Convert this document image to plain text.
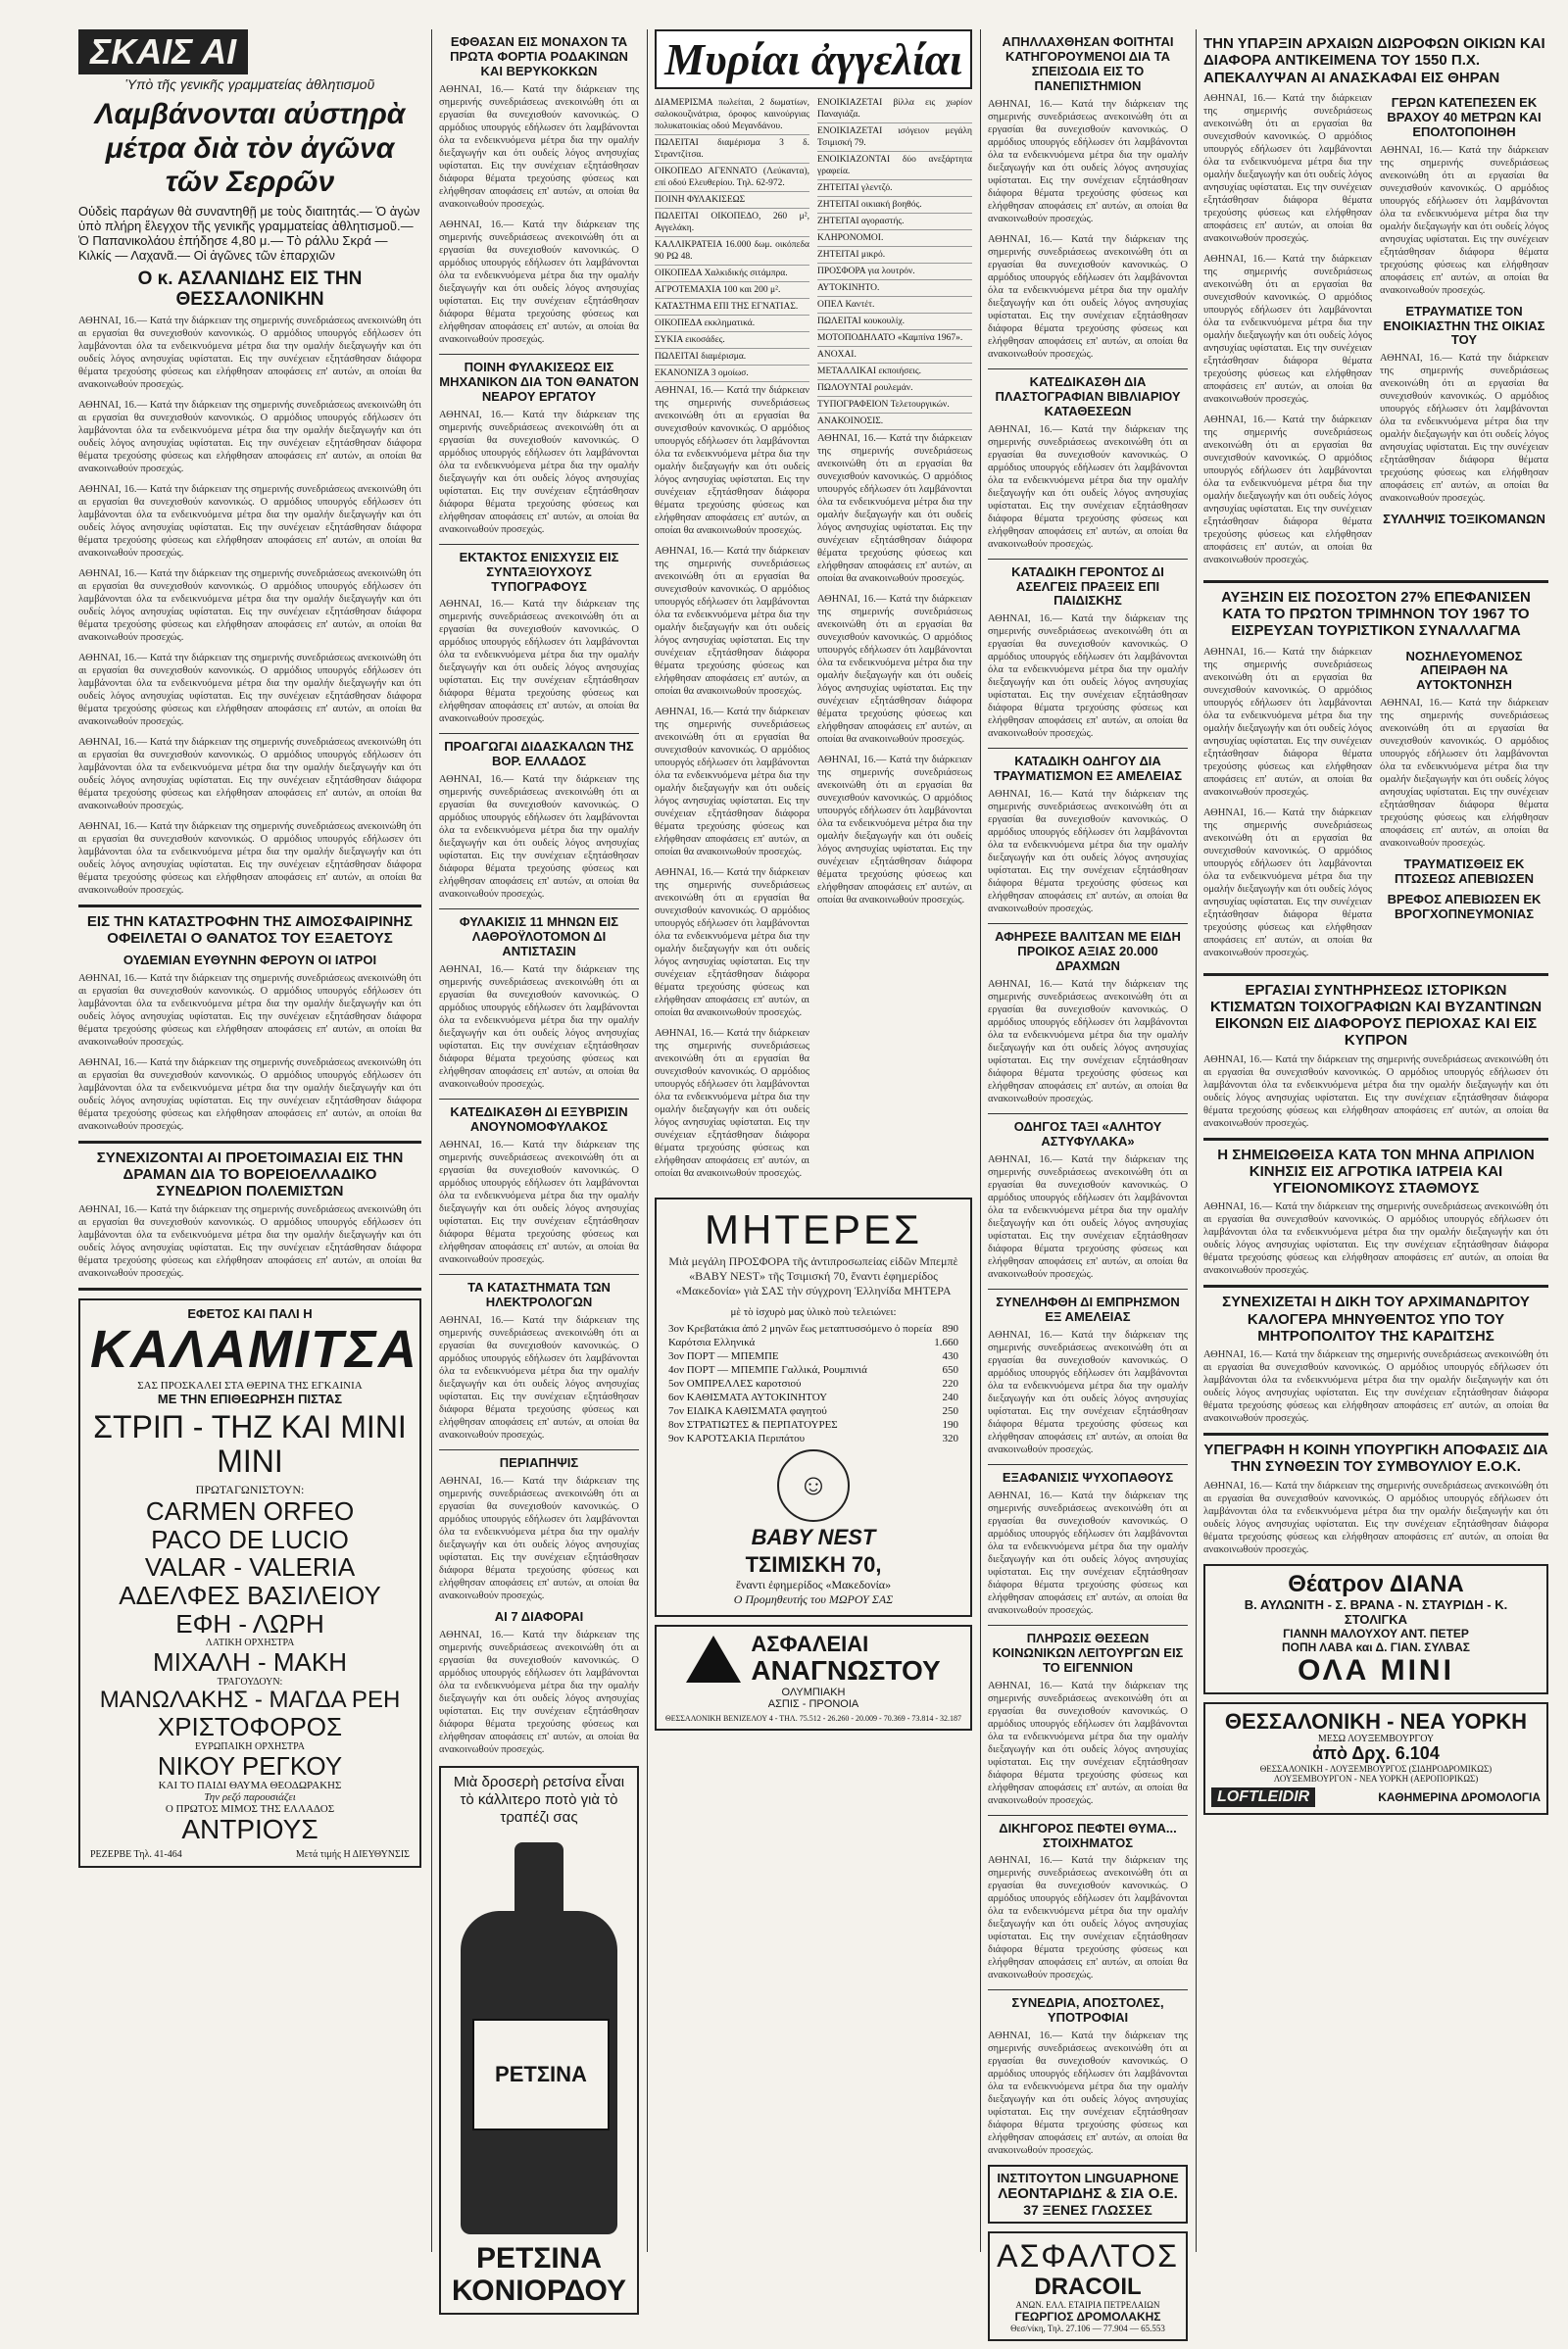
ΣΚΑΙΣ ΑΙ
Ὑπὸ τῆς γενικῆς γραμματείας ἀθλητισμοῦ
Λαμβάνονται αὐστηρὰ μέτρα διὰ τὸν ἀγῶνα τῶν Σερρῶν
Οὐδεὶς παράγων θὰ συναντηθῇ με τοὺς διαιτητάς.— Ὁ ἀγὼν ὑπὸ πλήρη ἔλεγχον τῆς γενικῆς γραμματείας ἀθλητισμοῦ.— Ὁ Παπανικολάου ἐπήδησε 4,80 μ.— Τὸ ράλλυ Σκρά — Κιλκίς — Λαχανᾶ.— Οἱ ἀγῶνες τῶν ἐπαρχιῶν
Ο κ. ΑΣΛΑΝΙΔΗΣ ΕΙΣ ΤΗΝ ΘΕΣΣΑΛΟΝΙΚΗΝ
ΑΘΗΝΑΙ, 16.— Κατά την διάρκειαν της σημερινής συνεδριάσεως ανεκοινώθη ότι αι εργασίαι θα συνεχισθούν κανονικώς. Ο αρμόδιος υπουργός εδήλωσεν ότι λαμβάνονται όλα τα ενδεικνυόμενα μέτρα δια την ομαλήν διεξαγωγήν και ότι ουδείς λόγος ανησυχίας υφίσταται. Εις την συνέχειαν εξητάσθησαν διάφορα θέματα τρεχούσης φύσεως και ελήφθησαν αποφάσεις επ' αυτών, αι οποίαι θα ανακοινωθούν προσεχώς.
ΑΘΗΝΑΙ, 16.— Κατά την διάρκειαν της σημερινής συνεδριάσεως ανεκοινώθη ότι αι εργασίαι θα συνεχισθούν κανονικώς. Ο αρμόδιος υπουργός εδήλωσεν ότι λαμβάνονται όλα τα ενδεικνυόμενα μέτρα δια την ομαλήν διεξαγωγήν και ότι ουδείς λόγος ανησυχίας υφίσταται. Εις την συνέχειαν εξητάσθησαν διάφορα θέματα τρεχούσης φύσεως και ελήφθησαν αποφάσεις επ' αυτών, αι οποίαι θα ανακοινωθούν προσεχώς.
ΑΘΗΝΑΙ, 16.— Κατά την διάρκειαν της σημερινής συνεδριάσεως ανεκοινώθη ότι αι εργασίαι θα συνεχισθούν κανονικώς. Ο αρμόδιος υπουργός εδήλωσεν ότι λαμβάνονται όλα τα ενδεικνυόμενα μέτρα δια την ομαλήν διεξαγωγήν και ότι ουδείς λόγος ανησυχίας υφίσταται. Εις την συνέχειαν εξητάσθησαν διάφορα θέματα τρεχούσης φύσεως και ελήφθησαν αποφάσεις επ' αυτών, αι οποίαι θα ανακοινωθούν προσεχώς.
ΑΘΗΝΑΙ, 16.— Κατά την διάρκειαν της σημερινής συνεδριάσεως ανεκοινώθη ότι αι εργασίαι θα συνεχισθούν κανονικώς. Ο αρμόδιος υπουργός εδήλωσεν ότι λαμβάνονται όλα τα ενδεικνυόμενα μέτρα δια την ομαλήν διεξαγωγήν και ότι ουδείς λόγος ανησυχίας υφίσταται. Εις την συνέχειαν εξητάσθησαν διάφορα θέματα τρεχούσης φύσεως και ελήφθησαν αποφάσεις επ' αυτών, αι οποίαι θα ανακοινωθούν προσεχώς.
ΑΘΗΝΑΙ, 16.— Κατά την διάρκειαν της σημερινής συνεδριάσεως ανεκοινώθη ότι αι εργασίαι θα συνεχισθούν κανονικώς. Ο αρμόδιος υπουργός εδήλωσεν ότι λαμβάνονται όλα τα ενδεικνυόμενα μέτρα δια την ομαλήν διεξαγωγήν και ότι ουδείς λόγος ανησυχίας υφίσταται. Εις την συνέχειαν εξητάσθησαν διάφορα θέματα τρεχούσης φύσεως και ελήφθησαν αποφάσεις επ' αυτών, αι οποίαι θα ανακοινωθούν προσεχώς.
ΑΘΗΝΑΙ, 16.— Κατά την διάρκειαν της σημερινής συνεδριάσεως ανεκοινώθη ότι αι εργασίαι θα συνεχισθούν κανονικώς. Ο αρμόδιος υπουργός εδήλωσεν ότι λαμβάνονται όλα τα ενδεικνυόμενα μέτρα δια την ομαλήν διεξαγωγήν και ότι ουδείς λόγος ανησυχίας υφίσταται. Εις την συνέχειαν εξητάσθησαν διάφορα θέματα τρεχούσης φύσεως και ελήφθησαν αποφάσεις επ' αυτών, αι οποίαι θα ανακοινωθούν προσεχώς.
ΑΘΗΝΑΙ, 16.— Κατά την διάρκειαν της σημερινής συνεδριάσεως ανεκοινώθη ότι αι εργασίαι θα συνεχισθούν κανονικώς. Ο αρμόδιος υπουργός εδήλωσεν ότι λαμβάνονται όλα τα ενδεικνυόμενα μέτρα δια την ομαλήν διεξαγωγήν και ότι ουδείς λόγος ανησυχίας υφίσταται. Εις την συνέχειαν εξητάσθησαν διάφορα θέματα τρεχούσης φύσεως και ελήφθησαν αποφάσεις επ' αυτών, αι οποίαι θα ανακοινωθούν προσεχώς.
ΕΙΣ ΤΗΝ ΚΑΤΑΣΤΡΟΦΗΝ ΤΗΣ ΑΙΜΟΣΦΑΙΡΙΝΗΣ ΟΦΕΙΛΕΤΑΙ Ο ΘΑΝΑΤΟΣ ΤΟΥ ΕΞΑΕΤΟΥΣ
ΟΥΔΕΜΙΑΝ ΕΥΘΥΝΗΝ ΦΕΡΟΥΝ ΟΙ ΙΑΤΡΟΙ
ΑΘΗΝΑΙ, 16.— Κατά την διάρκειαν της σημερινής συνεδριάσεως ανεκοινώθη ότι αι εργασίαι θα συνεχισθούν κανονικώς. Ο αρμόδιος υπουργός εδήλωσεν ότι λαμβάνονται όλα τα ενδεικνυόμενα μέτρα δια την ομαλήν διεξαγωγήν και ότι ουδείς λόγος ανησυχίας υφίσταται. Εις την συνέχειαν εξητάσθησαν διάφορα θέματα τρεχούσης φύσεως και ελήφθησαν αποφάσεις επ' αυτών, αι οποίαι θα ανακοινωθούν προσεχώς.
ΑΘΗΝΑΙ, 16.— Κατά την διάρκειαν της σημερινής συνεδριάσεως ανεκοινώθη ότι αι εργασίαι θα συνεχισθούν κανονικώς. Ο αρμόδιος υπουργός εδήλωσεν ότι λαμβάνονται όλα τα ενδεικνυόμενα μέτρα δια την ομαλήν διεξαγωγήν και ότι ουδείς λόγος ανησυχίας υφίσταται. Εις την συνέχειαν εξητάσθησαν διάφορα θέματα τρεχούσης φύσεως και ελήφθησαν αποφάσεις επ' αυτών, αι οποίαι θα ανακοινωθούν προσεχώς.
ΣΥΝΕΧΙΖΟΝΤΑΙ ΑΙ ΠΡΟΕΤΟΙΜΑΣΙΑΙ ΕΙΣ ΤΗΝ ΔΡΑΜΑΝ ΔΙΑ ΤΟ ΒΟΡΕΙΟΕΛΛΑΔΙΚΟ ΣΥΝΕΔΡΙΟΝ ΠΟΛΕΜΙΣΤΩΝ
ΑΘΗΝΑΙ, 16.— Κατά την διάρκειαν της σημερινής συνεδριάσεως ανεκοινώθη ότι αι εργασίαι θα συνεχισθούν κανονικώς. Ο αρμόδιος υπουργός εδήλωσεν ότι λαμβάνονται όλα τα ενδεικνυόμενα μέτρα δια την ομαλήν διεξαγωγήν και ότι ουδείς λόγος ανησυχίας υφίσταται. Εις την συνέχειαν εξητάσθησαν διάφορα θέματα τρεχούσης φύσεως και ελήφθησαν αποφάσεις επ' αυτών, αι οποίαι θα ανακοινωθούν προσεχώς.
ΕΦΕΤΟΣ ΚΑΙ ΠΑΛΙ Η
ΚΑΛΑΜΙΤΣΑ
ΣΑΣ ΠΡΟΣΚΑΛΕΙ ΣΤΑ ΘΕΡΙΝΑ ΤΗΣ ΕΓΚΑΙΝΙΑ
ΜΕ ΤΗΝ ΕΠΙΘΕΩΡΗΣΗ ΠΙΣΤΑΣ
ΣΤΡΙΠ - ΤΗΖ ΚΑΙ ΜΙΝΙ ΜΙΝΙ
ΠΡΩΤΑΓΩΝΙΣΤΟΥΝ:
CARMEN ORFEO
PACO DE LUCIO
VALAR - VALERIA
ΑΔΕΛΦΕΣ ΒΑΣΙΛΕΙΟΥ
ΕΦΗ - ΛΩΡΗ
ΛΑΤΙΚΗ ΟΡΧΗΣΤΡΑ
ΜΙΧΑΛΗ - ΜΑΚΗ
ΤΡΑΓΟΥΔΟΥΝ:
ΜΑΝΩΛΑΚΗΣ - ΜΑΓΔΑ ΡΕΗ
ΧΡΙΣΤΟΦΟΡΟΣ
ΕΥΡΩΠΑΙΚΗ ΟΡΧΗΣΤΡΑ
ΝΙΚΟΥ ΡΕΓΚΟΥ
ΚΑΙ ΤΟ ΠΑΙΔΙ ΘΑΥΜΑ ΘΕΟΔΩΡΑΚΗΣ
Την ρεζό παρουσιάζει
Ο ΠΡΩΤΟΣ ΜΙΜΟΣ ΤΗΣ ΕΛΛΑΔΟΣ
ΑΝΤΡΙΟΥΣ
ΡΕΖΕΡΒΕ Τηλ. 41-464	Μετά τιμής Η ΔΙΕΥΘΥΝΣΙΣ
ΕΦΘΑΣΑΝ ΕΙΣ ΜΟΝΑΧΟΝ ΤΑ ΠΡΩΤΑ ΦΟΡΤΙΑ ΡΟΔΑΚΙΝΩΝ ΚΑΙ ΒΕΡΥΚΟΚΚΩΝ
ΑΘΗΝΑΙ, 16.— Κατά την διάρκειαν της σημερινής συνεδριάσεως ανεκοινώθη ότι αι εργασίαι θα συνεχισθούν κανονικώς. Ο αρμόδιος υπουργός εδήλωσεν ότι λαμβάνονται όλα τα ενδεικνυόμενα μέτρα δια την ομαλήν διεξαγωγήν και ότι ουδείς λόγος ανησυχίας υφίσταται. Εις την συνέχειαν εξητάσθησαν διάφορα θέματα τρεχούσης φύσεως και ελήφθησαν αποφάσεις επ' αυτών, αι οποίαι θα ανακοινωθούν προσεχώς.
ΑΘΗΝΑΙ, 16.— Κατά την διάρκειαν της σημερινής συνεδριάσεως ανεκοινώθη ότι αι εργασίαι θα συνεχισθούν κανονικώς. Ο αρμόδιος υπουργός εδήλωσεν ότι λαμβάνονται όλα τα ενδεικνυόμενα μέτρα δια την ομαλήν διεξαγωγήν και ότι ουδείς λόγος ανησυχίας υφίσταται. Εις την συνέχειαν εξητάσθησαν διάφορα θέματα τρεχούσης φύσεως και ελήφθησαν αποφάσεις επ' αυτών, αι οποίαι θα ανακοινωθούν προσεχώς.
ΠΟΙΝΗ ΦΥΛΑΚΙΣΕΩΣ ΕΙΣ ΜΗΧΑΝΙΚΟΝ ΔΙΑ ΤΟΝ ΘΑΝΑΤΟΝ ΝΕΑΡΟΥ ΕΡΓΑΤΟΥ
ΑΘΗΝΑΙ, 16.— Κατά την διάρκειαν της σημερινής συνεδριάσεως ανεκοινώθη ότι αι εργασίαι θα συνεχισθούν κανονικώς. Ο αρμόδιος υπουργός εδήλωσεν ότι λαμβάνονται όλα τα ενδεικνυόμενα μέτρα δια την ομαλήν διεξαγωγήν και ότι ουδείς λόγος ανησυχίας υφίσταται. Εις την συνέχειαν εξητάσθησαν διάφορα θέματα τρεχούσης φύσεως και ελήφθησαν αποφάσεις επ' αυτών, αι οποίαι θα ανακοινωθούν προσεχώς.
ΕΚΤΑΚΤΟΣ ΕΝΙΣΧΥΣΙΣ ΕΙΣ ΣΥΝΤΑΞΙΟΥΧΟΥΣ ΤΥΠΟΓΡΑΦΟΥΣ
ΑΘΗΝΑΙ, 16.— Κατά την διάρκειαν της σημερινής συνεδριάσεως ανεκοινώθη ότι αι εργασίαι θα συνεχισθούν κανονικώς. Ο αρμόδιος υπουργός εδήλωσεν ότι λαμβάνονται όλα τα ενδεικνυόμενα μέτρα δια την ομαλήν διεξαγωγήν και ότι ουδείς λόγος ανησυχίας υφίσταται. Εις την συνέχειαν εξητάσθησαν διάφορα θέματα τρεχούσης φύσεως και ελήφθησαν αποφάσεις επ' αυτών, αι οποίαι θα ανακοινωθούν προσεχώς.
ΠΡΟΑΓΩΓΑΙ ΔΙΔΑΣΚΑΛΩΝ ΤΗΣ ΒΟΡ. ΕΛΛΑΔΟΣ
ΑΘΗΝΑΙ, 16.— Κατά την διάρκειαν της σημερινής συνεδριάσεως ανεκοινώθη ότι αι εργασίαι θα συνεχισθούν κανονικώς. Ο αρμόδιος υπουργός εδήλωσεν ότι λαμβάνονται όλα τα ενδεικνυόμενα μέτρα δια την ομαλήν διεξαγωγήν και ότι ουδείς λόγος ανησυχίας υφίσταται. Εις την συνέχειαν εξητάσθησαν διάφορα θέματα τρεχούσης φύσεως και ελήφθησαν αποφάσεις επ' αυτών, αι οποίαι θα ανακοινωθούν προσεχώς.
ΦΥΛΑΚΙΣΙΣ 11 ΜΗΝΩΝ ΕΙΣ ΛΑΘΡΟΫΛΟΤΟΜΟΝ ΔΙ ΑΝΤΙΣΤΑΣΙΝ
ΑΘΗΝΑΙ, 16.— Κατά την διάρκειαν της σημερινής συνεδριάσεως ανεκοινώθη ότι αι εργασίαι θα συνεχισθούν κανονικώς. Ο αρμόδιος υπουργός εδήλωσεν ότι λαμβάνονται όλα τα ενδεικνυόμενα μέτρα δια την ομαλήν διεξαγωγήν και ότι ουδείς λόγος ανησυχίας υφίσταται. Εις την συνέχειαν εξητάσθησαν διάφορα θέματα τρεχούσης φύσεως και ελήφθησαν αποφάσεις επ' αυτών, αι οποίαι θα ανακοινωθούν προσεχώς.
ΚΑΤΕΔΙΚΑΣΘΗ ΔΙ ΕΞΥΒΡΙΣΙΝ ΑΝΟΥΝΟΜΟΦΥΛΑΚΟΣ
ΑΘΗΝΑΙ, 16.— Κατά την διάρκειαν της σημερινής συνεδριάσεως ανεκοινώθη ότι αι εργασίαι θα συνεχισθούν κανονικώς. Ο αρμόδιος υπουργός εδήλωσεν ότι λαμβάνονται όλα τα ενδεικνυόμενα μέτρα δια την ομαλήν διεξαγωγήν και ότι ουδείς λόγος ανησυχίας υφίσταται. Εις την συνέχειαν εξητάσθησαν διάφορα θέματα τρεχούσης φύσεως και ελήφθησαν αποφάσεις επ' αυτών, αι οποίαι θα ανακοινωθούν προσεχώς.
ΤΑ ΚΑΤΑΣΤΗΜΑΤΑ ΤΩΝ ΗΛΕΚΤΡΟΛΟΓΩΝ
ΑΘΗΝΑΙ, 16.— Κατά την διάρκειαν της σημερινής συνεδριάσεως ανεκοινώθη ότι αι εργασίαι θα συνεχισθούν κανονικώς. Ο αρμόδιος υπουργός εδήλωσεν ότι λαμβάνονται όλα τα ενδεικνυόμενα μέτρα δια την ομαλήν διεξαγωγήν και ότι ουδείς λόγος ανησυχίας υφίσταται. Εις την συνέχειαν εξητάσθησαν διάφορα θέματα τρεχούσης φύσεως και ελήφθησαν αποφάσεις επ' αυτών, αι οποίαι θα ανακοινωθούν προσεχώς.
ΠΕΡΙΑΠΗΨΙΣ
ΑΘΗΝΑΙ, 16.— Κατά την διάρκειαν της σημερινής συνεδριάσεως ανεκοινώθη ότι αι εργασίαι θα συνεχισθούν κανονικώς. Ο αρμόδιος υπουργός εδήλωσεν ότι λαμβάνονται όλα τα ενδεικνυόμενα μέτρα δια την ομαλήν διεξαγωγήν και ότι ουδείς λόγος ανησυχίας υφίσταται. Εις την συνέχειαν εξητάσθησαν διάφορα θέματα τρεχούσης φύσεως και ελήφθησαν αποφάσεις επ' αυτών, αι οποίαι θα ανακοινωθούν προσεχώς.
ΑΙ 7 ΔΙΑΦΟΡΑΙ
ΑΘΗΝΑΙ, 16.— Κατά την διάρκειαν της σημερινής συνεδριάσεως ανεκοινώθη ότι αι εργασίαι θα συνεχισθούν κανονικώς. Ο αρμόδιος υπουργός εδήλωσεν ότι λαμβάνονται όλα τα ενδεικνυόμενα μέτρα δια την ομαλήν διεξαγωγήν και ότι ουδείς λόγος ανησυχίας υφίσταται. Εις την συνέχειαν εξητάσθησαν διάφορα θέματα τρεχούσης φύσεως και ελήφθησαν αποφάσεις επ' αυτών, αι οποίαι θα ανακοινωθούν προσεχώς.
Μιὰ δροσερὴ ρετσίνα εἶναι τὸ κάλλιτερο ποτὸ γιὰ τὸ τραπέζι σας
ΡΕΤΣΙΝΑ
ΡΕΤΣΙΝΑ ΚΟΝΙΟΡΔΟΥ
Μυρίαι ἀγγελίαι
ΔΙΑΜΕΡΙΣΜΑ πωλείται, 2 δωματίων, σαλοκουζινάτρια, όροφος καινούργιας πολυκατοικίας οδού Μεγανδάνου.
ΠΩΛΕΙΤΑΙ διαμέρισμα 3 δ. Στραντζίτσα.
ΟΙΚΟΠΕΔΟ ΑΓΕΝΝΑΤΟ (Λεύκαντα), επί οδού Ελευθερίου. Τηλ. 62-972.
ΠΟΙΝΗ ΦΥΛΑΚΙΣΕΩΣ
ΠΩΛΕΙΤΑΙ ΟΙΚΟΠΕΔΟ, 260 μ², Αγγελάκη.
ΚΑΛΛΙΚΡΑΤΕΙΑ 16.000 δωμ. οικόπεδα 90 ΡΩ 48.
ΟΙΚΟΠΕΔΑ Χαλκιδικής σιτάμπρα.
ΑΓΡΟΤΕΜΑΧΙΑ 100 και 200 μ².
ΚΑΤΑΣΤΗΜΑ ΕΠΙ ΤΗΣ ΕΓΝΑΤΙΑΣ.
ΟΙΚΟΠΕΔΑ εκκληματικά.
ΣΥΚΙΑ εικοσάδες.
ΠΩΛΕΙΤΑΙ διαμέρισμα.
ΕΚΑΝΟΝΙΖΑ 3 ομοίωσ.
ΑΘΗΝΑΙ, 16.— Κατά την διάρκειαν της σημερινής συνεδριάσεως ανεκοινώθη ότι αι εργασίαι θα συνεχισθούν κανονικώς. Ο αρμόδιος υπουργός εδήλωσεν ότι λαμβάνονται όλα τα ενδεικνυόμενα μέτρα δια την ομαλήν διεξαγωγήν και ότι ουδείς λόγος ανησυχίας υφίσταται. Εις την συνέχειαν εξητάσθησαν διάφορα θέματα τρεχούσης φύσεως και ελήφθησαν αποφάσεις επ' αυτών, αι οποίαι θα ανακοινωθούν προσεχώς.
ΑΘΗΝΑΙ, 16.— Κατά την διάρκειαν της σημερινής συνεδριάσεως ανεκοινώθη ότι αι εργασίαι θα συνεχισθούν κανονικώς. Ο αρμόδιος υπουργός εδήλωσεν ότι λαμβάνονται όλα τα ενδεικνυόμενα μέτρα δια την ομαλήν διεξαγωγήν και ότι ουδείς λόγος ανησυχίας υφίσταται. Εις την συνέχειαν εξητάσθησαν διάφορα θέματα τρεχούσης φύσεως και ελήφθησαν αποφάσεις επ' αυτών, αι οποίαι θα ανακοινωθούν προσεχώς.
ΑΘΗΝΑΙ, 16.— Κατά την διάρκειαν της σημερινής συνεδριάσεως ανεκοινώθη ότι αι εργασίαι θα συνεχισθούν κανονικώς. Ο αρμόδιος υπουργός εδήλωσεν ότι λαμβάνονται όλα τα ενδεικνυόμενα μέτρα δια την ομαλήν διεξαγωγήν και ότι ουδείς λόγος ανησυχίας υφίσταται. Εις την συνέχειαν εξητάσθησαν διάφορα θέματα τρεχούσης φύσεως και ελήφθησαν αποφάσεις επ' αυτών, αι οποίαι θα ανακοινωθούν προσεχώς.
ΑΘΗΝΑΙ, 16.— Κατά την διάρκειαν της σημερινής συνεδριάσεως ανεκοινώθη ότι αι εργασίαι θα συνεχισθούν κανονικώς. Ο αρμόδιος υπουργός εδήλωσεν ότι λαμβάνονται όλα τα ενδεικνυόμενα μέτρα δια την ομαλήν διεξαγωγήν και ότι ουδείς λόγος ανησυχίας υφίσταται. Εις την συνέχειαν εξητάσθησαν διάφορα θέματα τρεχούσης φύσεως και ελήφθησαν αποφάσεις επ' αυτών, αι οποίαι θα ανακοινωθούν προσεχώς.
ΑΘΗΝΑΙ, 16.— Κατά την διάρκειαν της σημερινής συνεδριάσεως ανεκοινώθη ότι αι εργασίαι θα συνεχισθούν κανονικώς. Ο αρμόδιος υπουργός εδήλωσεν ότι λαμβάνονται όλα τα ενδεικνυόμενα μέτρα δια την ομαλήν διεξαγωγήν και ότι ουδείς λόγος ανησυχίας υφίσταται. Εις την συνέχειαν εξητάσθησαν διάφορα θέματα τρεχούσης φύσεως και ελήφθησαν αποφάσεις επ' αυτών, αι οποίαι θα ανακοινωθούν προσεχώς.
ΕΝΟΙΚΙΑΖΕΤΑΙ βίλλα εις χωρίον Παναγιάζα.
ΕΝΟΙΚΙΑΖΕΤΑΙ ισόγειον μεγάλη Τσιμισκή 79.
ΕΝΟΙΚΙΑΖΟΝΤΑΙ δύο ανεξάρτητα γραφεία.
ΖΗΤΕΙΤΑΙ γλεντζό.
ΖΗΤΕΙΤΑΙ οικιακή βοηθός.
ΖΗΤΕΙΤΑΙ αγοραστής.
ΚΛΗΡΟΝΟΜΟΙ.
ΖΗΤΕΙΤΑΙ μικρό.
ΠΡΟΣΦΟΡΑ για λουτρόν.
ΑΥΤΟΚΙΝΗΤΟ.
ΟΠΕΛ Καντέτ.
ΠΩΛΕΙΤΑΙ κουκουλίχ.
ΜΟΤΟΠΟΔΗΛΑΤΟ «Καμπίνα 1967».
ΑΝΟΧΑΙ.
ΜΕΤΑΛΛΙΚΑΙ εκποιήσεις.
ΠΩΛΟΥΝΤΑΙ ρουλεμάν.
ΤΥΠΟΓΡΑΦΕΙΟΝ Τελετουργικών.
ΑΝΑΚΟΙΝΟΣΙΣ.
ΑΘΗΝΑΙ, 16.— Κατά την διάρκειαν της σημερινής συνεδριάσεως ανεκοινώθη ότι αι εργασίαι θα συνεχισθούν κανονικώς. Ο αρμόδιος υπουργός εδήλωσεν ότι λαμβάνονται όλα τα ενδεικνυόμενα μέτρα δια την ομαλήν διεξαγωγήν και ότι ουδείς λόγος ανησυχίας υφίσταται. Εις την συνέχειαν εξητάσθησαν διάφορα θέματα τρεχούσης φύσεως και ελήφθησαν αποφάσεις επ' αυτών, αι οποίαι θα ανακοινωθούν προσεχώς.
ΑΘΗΝΑΙ, 16.— Κατά την διάρκειαν της σημερινής συνεδριάσεως ανεκοινώθη ότι αι εργασίαι θα συνεχισθούν κανονικώς. Ο αρμόδιος υπουργός εδήλωσεν ότι λαμβάνονται όλα τα ενδεικνυόμενα μέτρα δια την ομαλήν διεξαγωγήν και ότι ουδείς λόγος ανησυχίας υφίσταται. Εις την συνέχειαν εξητάσθησαν διάφορα θέματα τρεχούσης φύσεως και ελήφθησαν αποφάσεις επ' αυτών, αι οποίαι θα ανακοινωθούν προσεχώς.
ΑΘΗΝΑΙ, 16.— Κατά την διάρκειαν της σημερινής συνεδριάσεως ανεκοινώθη ότι αι εργασίαι θα συνεχισθούν κανονικώς. Ο αρμόδιος υπουργός εδήλωσεν ότι λαμβάνονται όλα τα ενδεικνυόμενα μέτρα δια την ομαλήν διεξαγωγήν και ότι ουδείς λόγος ανησυχίας υφίσταται. Εις την συνέχειαν εξητάσθησαν διάφορα θέματα τρεχούσης φύσεως και ελήφθησαν αποφάσεις επ' αυτών, αι οποίαι θα ανακοινωθούν προσεχώς.
ΜΗΤΕΡΕΣ
Μιὰ μεγάλη ΠΡΟΣΦΟΡΑ τῆς ἀντιπροσωπείας εἰδῶν Μπεμπὲ «BABY NEST» τῆς Τσιμισκή 70, ἔναντι ἐφημερίδος «Μακεδονία» γιὰ ΣΑΣ τὴν σύγχρονη Ἑλληνίδα ΜΗΤΕΡΑ
μὲ τὸ ἰσχυρὸ μας ὑλικὸ ποὺ τελειώνει:
3ον Κρεβατάκια ἀπό 2 μηνῶν ἕως μεταπτυσσόμενο ὁ πορεία 890
Καρότσια Ελληνικά	1.660
3ον ΠΟΡΤ — ΜΠΕΜΠΕ	430
4ον ΠΟΡΤ — ΜΠΕΜΠΕ Γαλλικά, Ρουμπινιά	650
5ον ΟΜΠΡΕΛΛΕΣ καροτσιού	220
6ον ΚΑΘΙΣΜΑΤΑ ΑΥΤΟΚΙΝΗΤΟΥ	240
7ον ΕΙΔΙΚΑ ΚΑΘΙΣΜΑΤΑ φαγητού	250
8ον ΣΤΡΑΤΙΩΤΕΣ & ΠΕΡΠΑΤΟΥΡΕΣ	190
9ον ΚΑΡΟΤΣΑΚΙΑ Περιπάτου	320
☺
BABY NEST
ΤΣΙΜΙΣΚΗ 70,
ἔναντι ἐφημερίδος «Μακεδονία»
Ο Προμηθευτής του ΜΩΡΟΥ ΣΑΣ
ΑΣΦΑΛΕΙΑΙ
ΑΝΑΓΝΩΣΤΟΥ
ΟΛΥΜΠΙΑΚΗ
ΑΣΠΙΣ - ΠΡΟΝΟΙΑ
ΘΕΣΣΑΛΟΝΙΚΗ ΒΕΝΙΖΕΛΟΥ 4 - ΤΗΛ. 75.512 - 26.260 - 20.009 - 70.369 - 73.814 - 32.187
ΑΠΗΛΛΑΧΘΗΣΑΝ ΦΟΙΤΗΤΑΙ ΚΑΤΗΓΟΡΟΥΜΕΝΟΙ ΔΙΑ ΤΑ ΣΠΕΙΣΟΔΙΑ ΕΙΣ ΤΟ ΠΑΝΕΠΙΣΤΗΜΙΟΝ
ΑΘΗΝΑΙ, 16.— Κατά την διάρκειαν της σημερινής συνεδριάσεως ανεκοινώθη ότι αι εργασίαι θα συνεχισθούν κανονικώς. Ο αρμόδιος υπουργός εδήλωσεν ότι λαμβάνονται όλα τα ενδεικνυόμενα μέτρα δια την ομαλήν διεξαγωγήν και ότι ουδείς λόγος ανησυχίας υφίσταται. Εις την συνέχειαν εξητάσθησαν διάφορα θέματα τρεχούσης φύσεως και ελήφθησαν αποφάσεις επ' αυτών, αι οποίαι θα ανακοινωθούν προσεχώς.
ΑΘΗΝΑΙ, 16.— Κατά την διάρκειαν της σημερινής συνεδριάσεως ανεκοινώθη ότι αι εργασίαι θα συνεχισθούν κανονικώς. Ο αρμόδιος υπουργός εδήλωσεν ότι λαμβάνονται όλα τα ενδεικνυόμενα μέτρα δια την ομαλήν διεξαγωγήν και ότι ουδείς λόγος ανησυχίας υφίσταται. Εις την συνέχειαν εξητάσθησαν διάφορα θέματα τρεχούσης φύσεως και ελήφθησαν αποφάσεις επ' αυτών, αι οποίαι θα ανακοινωθούν προσεχώς.
ΚΑΤΕΔΙΚΑΣΘΗ ΔΙΑ ΠΛΑΣΤΟΓΡΑΦΙΑΝ ΒΙΒΛΙΑΡΙΟΥ ΚΑΤΑΘΕΣΕΩΝ
ΑΘΗΝΑΙ, 16.— Κατά την διάρκειαν της σημερινής συνεδριάσεως ανεκοινώθη ότι αι εργασίαι θα συνεχισθούν κανονικώς. Ο αρμόδιος υπουργός εδήλωσεν ότι λαμβάνονται όλα τα ενδεικνυόμενα μέτρα δια την ομαλήν διεξαγωγήν και ότι ουδείς λόγος ανησυχίας υφίσταται. Εις την συνέχειαν εξητάσθησαν διάφορα θέματα τρεχούσης φύσεως και ελήφθησαν αποφάσεις επ' αυτών, αι οποίαι θα ανακοινωθούν προσεχώς.
ΚΑΤΑΔΙΚΗ ΓΕΡΟΝΤΟΣ ΔΙ ΑΣΕΛΓΕΙΣ ΠΡΑΞΕΙΣ ΕΠΙ ΠΑΙΔΙΣΚΗΣ
ΑΘΗΝΑΙ, 16.— Κατά την διάρκειαν της σημερινής συνεδριάσεως ανεκοινώθη ότι αι εργασίαι θα συνεχισθούν κανονικώς. Ο αρμόδιος υπουργός εδήλωσεν ότι λαμβάνονται όλα τα ενδεικνυόμενα μέτρα δια την ομαλήν διεξαγωγήν και ότι ουδείς λόγος ανησυχίας υφίσταται. Εις την συνέχειαν εξητάσθησαν διάφορα θέματα τρεχούσης φύσεως και ελήφθησαν αποφάσεις επ' αυτών, αι οποίαι θα ανακοινωθούν προσεχώς.
ΚΑΤΑΔΙΚΗ ΟΔΗΓΟΥ ΔΙΑ ΤΡΑΥΜΑΤΙΣΜΟΝ ΕΞ ΑΜΕΛΕΙΑΣ
ΑΘΗΝΑΙ, 16.— Κατά την διάρκειαν της σημερινής συνεδριάσεως ανεκοινώθη ότι αι εργασίαι θα συνεχισθούν κανονικώς. Ο αρμόδιος υπουργός εδήλωσεν ότι λαμβάνονται όλα τα ενδεικνυόμενα μέτρα δια την ομαλήν διεξαγωγήν και ότι ουδείς λόγος ανησυχίας υφίσταται. Εις την συνέχειαν εξητάσθησαν διάφορα θέματα τρεχούσης φύσεως και ελήφθησαν αποφάσεις επ' αυτών, αι οποίαι θα ανακοινωθούν προσεχώς.
ΑΦΗΡΕΣΕ ΒΑΛΙΤΣΑΝ ΜΕ ΕΙΔΗ ΠΡΟΙΚΟΣ ΑΞΙΑΣ 20.000 ΔΡΑΧΜΩΝ
ΑΘΗΝΑΙ, 16.— Κατά την διάρκειαν της σημερινής συνεδριάσεως ανεκοινώθη ότι αι εργασίαι θα συνεχισθούν κανονικώς. Ο αρμόδιος υπουργός εδήλωσεν ότι λαμβάνονται όλα τα ενδεικνυόμενα μέτρα δια την ομαλήν διεξαγωγήν και ότι ουδείς λόγος ανησυχίας υφίσταται. Εις την συνέχειαν εξητάσθησαν διάφορα θέματα τρεχούσης φύσεως και ελήφθησαν αποφάσεις επ' αυτών, αι οποίαι θα ανακοινωθούν προσεχώς.
ΟΔΗΓΟΣ ΤΑΞΙ «ΑΛΗΤΟΥ ΑΣΤΥΦΥΛΑΚΑ»
ΑΘΗΝΑΙ, 16.— Κατά την διάρκειαν της σημερινής συνεδριάσεως ανεκοινώθη ότι αι εργασίαι θα συνεχισθούν κανονικώς. Ο αρμόδιος υπουργός εδήλωσεν ότι λαμβάνονται όλα τα ενδεικνυόμενα μέτρα δια την ομαλήν διεξαγωγήν και ότι ουδείς λόγος ανησυχίας υφίσταται. Εις την συνέχειαν εξητάσθησαν διάφορα θέματα τρεχούσης φύσεως και ελήφθησαν αποφάσεις επ' αυτών, αι οποίαι θα ανακοινωθούν προσεχώς.
ΣΥΝΕΛΗΦΘΗ ΔΙ ΕΜΠΡΗΣΜΟΝ ΕΞ ΑΜΕΛΕΙΑΣ
ΑΘΗΝΑΙ, 16.— Κατά την διάρκειαν της σημερινής συνεδριάσεως ανεκοινώθη ότι αι εργασίαι θα συνεχισθούν κανονικώς. Ο αρμόδιος υπουργός εδήλωσεν ότι λαμβάνονται όλα τα ενδεικνυόμενα μέτρα δια την ομαλήν διεξαγωγήν και ότι ουδείς λόγος ανησυχίας υφίσταται. Εις την συνέχειαν εξητάσθησαν διάφορα θέματα τρεχούσης φύσεως και ελήφθησαν αποφάσεις επ' αυτών, αι οποίαι θα ανακοινωθούν προσεχώς.
ΕΞΑΦΑΝΙΣΙΣ ΨΥΧΟΠΑΘΟΥΣ
ΑΘΗΝΑΙ, 16.— Κατά την διάρκειαν της σημερινής συνεδριάσεως ανεκοινώθη ότι αι εργασίαι θα συνεχισθούν κανονικώς. Ο αρμόδιος υπουργός εδήλωσεν ότι λαμβάνονται όλα τα ενδεικνυόμενα μέτρα δια την ομαλήν διεξαγωγήν και ότι ουδείς λόγος ανησυχίας υφίσταται. Εις την συνέχειαν εξητάσθησαν διάφορα θέματα τρεχούσης φύσεως και ελήφθησαν αποφάσεις επ' αυτών, αι οποίαι θα ανακοινωθούν προσεχώς.
ΠΛΗΡΩΣΙΣ ΘΕΣΕΩΝ ΚΟΙΝΩΝΙΚΩΝ ΛΕΙΤΟΥΡΓΩΝ ΕΙΣ ΤΟ ΕΙΓΕΝΝΙΟΝ
ΑΘΗΝΑΙ, 16.— Κατά την διάρκειαν της σημερινής συνεδριάσεως ανεκοινώθη ότι αι εργασίαι θα συνεχισθούν κανονικώς. Ο αρμόδιος υπουργός εδήλωσεν ότι λαμβάνονται όλα τα ενδεικνυόμενα μέτρα δια την ομαλήν διεξαγωγήν και ότι ουδείς λόγος ανησυχίας υφίσταται. Εις την συνέχειαν εξητάσθησαν διάφορα θέματα τρεχούσης φύσεως και ελήφθησαν αποφάσεις επ' αυτών, αι οποίαι θα ανακοινωθούν προσεχώς.
ΔΙΚΗΓΟΡΟΣ ΠΕΦΤΕΙ ΘΥΜΑ... ΣΤΟΙΧΗΜΑΤΟΣ
ΑΘΗΝΑΙ, 16.— Κατά την διάρκειαν της σημερινής συνεδριάσεως ανεκοινώθη ότι αι εργασίαι θα συνεχισθούν κανονικώς. Ο αρμόδιος υπουργός εδήλωσεν ότι λαμβάνονται όλα τα ενδεικνυόμενα μέτρα δια την ομαλήν διεξαγωγήν και ότι ουδείς λόγος ανησυχίας υφίσταται. Εις την συνέχειαν εξητάσθησαν διάφορα θέματα τρεχούσης φύσεως και ελήφθησαν αποφάσεις επ' αυτών, αι οποίαι θα ανακοινωθούν προσεχώς.
ΣΥΝΕΔΡΙΑ, ΑΠΟΣΤΟΛΕΣ, ΥΠΟΤΡΟΦΙΑΙ
ΑΘΗΝΑΙ, 16.— Κατά την διάρκειαν της σημερινής συνεδριάσεως ανεκοινώθη ότι αι εργασίαι θα συνεχισθούν κανονικώς. Ο αρμόδιος υπουργός εδήλωσεν ότι λαμβάνονται όλα τα ενδεικνυόμενα μέτρα δια την ομαλήν διεξαγωγήν και ότι ουδείς λόγος ανησυχίας υφίσταται. Εις την συνέχειαν εξητάσθησαν διάφορα θέματα τρεχούσης φύσεως και ελήφθησαν αποφάσεις επ' αυτών, αι οποίαι θα ανακοινωθούν προσεχώς.
ΙΝΣΤΙΤΟΥΤΟΝ LINGUAPHONE
ΛΕΟΝΤΑΡΙΔΗΣ & ΣΙΑ Ο.Ε.
37 ΞΕΝΕΣ ΓΛΩΣΣΕΣ
ΑΣΦΑΛΤΟΣ
DRACOIL
ΑΝΩΝ. ΕΛΛ. ΕΤΑΙΡΙΑ ΠΕΤΡΕΛΑΙΩΝ
ΓΕΩΡΓΙΟΣ ΔΡΟΜΟΛΑΚΗΣ
Θεσ/νίκη, Τηλ. 27.106 — 77.904 — 65.553
ΤΗΝ ΥΠΑΡΞΙΝ ΑΡΧΑΙΩΝ ΔΙΩΡΟΦΩΝ ΟΙΚΙΩΝ ΚΑΙ ΔΙΑΦΟΡΑ ΑΝΤΙΚΕΙΜΕΝΑ ΤΟΥ 1550 Π.Χ. ΑΠΕΚΑΛΥΨΑΝ ΑΙ ΑΝΑΣΚΑΦΑΙ ΕΙΣ ΘΗΡΑΝ
ΑΘΗΝΑΙ, 16.— Κατά την διάρκειαν της σημερινής συνεδριάσεως ανεκοινώθη ότι αι εργασίαι θα συνεχισθούν κανονικώς. Ο αρμόδιος υπουργός εδήλωσεν ότι λαμβάνονται όλα τα ενδεικνυόμενα μέτρα δια την ομαλήν διεξαγωγήν και ότι ουδείς λόγος ανησυχίας υφίσταται. Εις την συνέχειαν εξητάσθησαν διάφορα θέματα τρεχούσης φύσεως και ελήφθησαν αποφάσεις επ' αυτών, αι οποίαι θα ανακοινωθούν προσεχώς.
ΑΘΗΝΑΙ, 16.— Κατά την διάρκειαν της σημερινής συνεδριάσεως ανεκοινώθη ότι αι εργασίαι θα συνεχισθούν κανονικώς. Ο αρμόδιος υπουργός εδήλωσεν ότι λαμβάνονται όλα τα ενδεικνυόμενα μέτρα δια την ομαλήν διεξαγωγήν και ότι ουδείς λόγος ανησυχίας υφίσταται. Εις την συνέχειαν εξητάσθησαν διάφορα θέματα τρεχούσης φύσεως και ελήφθησαν αποφάσεις επ' αυτών, αι οποίαι θα ανακοινωθούν προσεχώς.
ΑΘΗΝΑΙ, 16.— Κατά την διάρκειαν της σημερινής συνεδριάσεως ανεκοινώθη ότι αι εργασίαι θα συνεχισθούν κανονικώς. Ο αρμόδιος υπουργός εδήλωσεν ότι λαμβάνονται όλα τα ενδεικνυόμενα μέτρα δια την ομαλήν διεξαγωγήν και ότι ουδείς λόγος ανησυχίας υφίσταται. Εις την συνέχειαν εξητάσθησαν διάφορα θέματα τρεχούσης φύσεως και ελήφθησαν αποφάσεις επ' αυτών, αι οποίαι θα ανακοινωθούν προσεχώς.
ΓΕΡΩΝ ΚΑΤΕΠΕΣΕΝ ΕΚ ΒΡΑΧΟΥ 40 ΜΕΤΡΩΝ ΚΑΙ ΕΠΟΛΤΟΠΟΙΗΘΗ
ΑΘΗΝΑΙ, 16.— Κατά την διάρκειαν της σημερινής συνεδριάσεως ανεκοινώθη ότι αι εργασίαι θα συνεχισθούν κανονικώς. Ο αρμόδιος υπουργός εδήλωσεν ότι λαμβάνονται όλα τα ενδεικνυόμενα μέτρα δια την ομαλήν διεξαγωγήν και ότι ουδείς λόγος ανησυχίας υφίσταται. Εις την συνέχειαν εξητάσθησαν διάφορα θέματα τρεχούσης φύσεως και ελήφθησαν αποφάσεις επ' αυτών, αι οποίαι θα ανακοινωθούν προσεχώς.
ΕΤΡΑΥΜΑΤΙΣΕ ΤΟΝ ΕΝΟΙΚΙΑΣΤΗΝ ΤΗΣ ΟΙΚΙΑΣ ΤΟΥ
ΑΘΗΝΑΙ, 16.— Κατά την διάρκειαν της σημερινής συνεδριάσεως ανεκοινώθη ότι αι εργασίαι θα συνεχισθούν κανονικώς. Ο αρμόδιος υπουργός εδήλωσεν ότι λαμβάνονται όλα τα ενδεικνυόμενα μέτρα δια την ομαλήν διεξαγωγήν και ότι ουδείς λόγος ανησυχίας υφίσταται. Εις την συνέχειαν εξητάσθησαν διάφορα θέματα τρεχούσης φύσεως και ελήφθησαν αποφάσεις επ' αυτών, αι οποίαι θα ανακοινωθούν προσεχώς.
ΣΥΛΛΗΨΙΣ ΤΟΞΙΚΟΜΑΝΩΝ
ΑΥΞΗΣΙΝ ΕΙΣ ΠΟΣΟΣΤΟΝ 27% ΕΠΕΦΑΝΙΣΕΝ ΚΑΤΑ ΤΟ ΠΡΩΤΟΝ ΤΡΙΜΗΝΟΝ ΤΟΥ 1967 ΤΟ ΕΙΣΡΕΥΣΑΝ ΤΟΥΡΙΣΤΙΚΟΝ ΣΥΝΑΛΛΑΓΜΑ
ΑΘΗΝΑΙ, 16.— Κατά την διάρκειαν της σημερινής συνεδριάσεως ανεκοινώθη ότι αι εργασίαι θα συνεχισθούν κανονικώς. Ο αρμόδιος υπουργός εδήλωσεν ότι λαμβάνονται όλα τα ενδεικνυόμενα μέτρα δια την ομαλήν διεξαγωγήν και ότι ουδείς λόγος ανησυχίας υφίσταται. Εις την συνέχειαν εξητάσθησαν διάφορα θέματα τρεχούσης φύσεως και ελήφθησαν αποφάσεις επ' αυτών, αι οποίαι θα ανακοινωθούν προσεχώς.
ΑΘΗΝΑΙ, 16.— Κατά την διάρκειαν της σημερινής συνεδριάσεως ανεκοινώθη ότι αι εργασίαι θα συνεχισθούν κανονικώς. Ο αρμόδιος υπουργός εδήλωσεν ότι λαμβάνονται όλα τα ενδεικνυόμενα μέτρα δια την ομαλήν διεξαγωγήν και ότι ουδείς λόγος ανησυχίας υφίσταται. Εις την συνέχειαν εξητάσθησαν διάφορα θέματα τρεχούσης φύσεως και ελήφθησαν αποφάσεις επ' αυτών, αι οποίαι θα ανακοινωθούν προσεχώς.
ΝΟΣΗΛΕΥΟΜΕΝΟΣ ΑΠΕΙΡΑΘΗ ΝΑ ΑΥΤΟΚΤΟΝΗΣΗ
ΑΘΗΝΑΙ, 16.— Κατά την διάρκειαν της σημερινής συνεδριάσεως ανεκοινώθη ότι αι εργασίαι θα συνεχισθούν κανονικώς. Ο αρμόδιος υπουργός εδήλωσεν ότι λαμβάνονται όλα τα ενδεικνυόμενα μέτρα δια την ομαλήν διεξαγωγήν και ότι ουδείς λόγος ανησυχίας υφίσταται. Εις την συνέχειαν εξητάσθησαν διάφορα θέματα τρεχούσης φύσεως και ελήφθησαν αποφάσεις επ' αυτών, αι οποίαι θα ανακοινωθούν προσεχώς.
ΤΡΑΥΜΑΤΙΣΘΕΙΣ ΕΚ ΠΤΩΣΕΩΣ ΑΠΕΒΙΩΣΕΝ
ΒΡΕΦΟΣ ΑΠΕΒΙΩΣΕΝ ΕΚ ΒΡΟΓΧΟΠΝΕΥΜΟΝΙΑΣ
ΕΡΓΑΣΙΑΙ ΣΥΝΤΗΡΗΣΕΩΣ ΙΣΤΟΡΙΚΩΝ ΚΤΙΣΜΑΤΩΝ ΤΟΙΧΟΓΡΑΦΙΩΝ ΚΑΙ ΒΥΖΑΝΤΙΝΩΝ ΕΙΚΟΝΩΝ ΕΙΣ ΔΙΑΦΟΡΟΥΣ ΠΕΡΙΟΧΑΣ ΚΑΙ ΕΙΣ ΚΥΠΡΟΝ
ΑΘΗΝΑΙ, 16.— Κατά την διάρκειαν της σημερινής συνεδριάσεως ανεκοινώθη ότι αι εργασίαι θα συνεχισθούν κανονικώς. Ο αρμόδιος υπουργός εδήλωσεν ότι λαμβάνονται όλα τα ενδεικνυόμενα μέτρα δια την ομαλήν διεξαγωγήν και ότι ουδείς λόγος ανησυχίας υφίσταται. Εις την συνέχειαν εξητάσθησαν διάφορα θέματα τρεχούσης φύσεως και ελήφθησαν αποφάσεις επ' αυτών, αι οποίαι θα ανακοινωθούν προσεχώς.
Η ΣΗΜΕΙΩΘΕΙΣΑ ΚΑΤΑ ΤΟΝ ΜΗΝΑ ΑΠΡΙΛΙΟΝ ΚΙΝΗΣΙΣ ΕΙΣ ΑΓΡΟΤΙΚΑ ΙΑΤΡΕΙΑ ΚΑΙ ΥΓΕΙΟΝΟΜΙΚΟΥΣ ΣΤΑΘΜΟΥΣ
ΑΘΗΝΑΙ, 16.— Κατά την διάρκειαν της σημερινής συνεδριάσεως ανεκοινώθη ότι αι εργασίαι θα συνεχισθούν κανονικώς. Ο αρμόδιος υπουργός εδήλωσεν ότι λαμβάνονται όλα τα ενδεικνυόμενα μέτρα δια την ομαλήν διεξαγωγήν και ότι ουδείς λόγος ανησυχίας υφίσταται. Εις την συνέχειαν εξητάσθησαν διάφορα θέματα τρεχούσης φύσεως και ελήφθησαν αποφάσεις επ' αυτών, αι οποίαι θα ανακοινωθούν προσεχώς.
ΣΥΝΕΧΙΖΕΤΑΙ Η ΔΙΚΗ ΤΟΥ ΑΡΧΙΜΑΝΔΡΙΤΟΥ ΚΑΛΟΓΕΡΑ ΜΗΝΥΘΕΝΤΟΣ ΥΠΟ ΤΟΥ ΜΗΤΡΟΠΟΛΙΤΟΥ ΤΗΣ ΚΑΡΔΙΤΣΗΣ
ΑΘΗΝΑΙ, 16.— Κατά την διάρκειαν της σημερινής συνεδριάσεως ανεκοινώθη ότι αι εργασίαι θα συνεχισθούν κανονικώς. Ο αρμόδιος υπουργός εδήλωσεν ότι λαμβάνονται όλα τα ενδεικνυόμενα μέτρα δια την ομαλήν διεξαγωγήν και ότι ουδείς λόγος ανησυχίας υφίσταται. Εις την συνέχειαν εξητάσθησαν διάφορα θέματα τρεχούσης φύσεως και ελήφθησαν αποφάσεις επ' αυτών, αι οποίαι θα ανακοινωθούν προσεχώς.
ΥΠΕΓΡΑΦΗ Η ΚΟΙΝΗ ΥΠΟΥΡΓΙΚΗ ΑΠΟΦΑΣΙΣ ΔΙΑ ΤΗΝ ΣΥΝΘΕΣΙΝ ΤΟΥ ΣΥΜΒΟΥΛΙΟΥ Ε.Ο.Κ.
ΑΘΗΝΑΙ, 16.— Κατά την διάρκειαν της σημερινής συνεδριάσεως ανεκοινώθη ότι αι εργασίαι θα συνεχισθούν κανονικώς. Ο αρμόδιος υπουργός εδήλωσεν ότι λαμβάνονται όλα τα ενδεικνυόμενα μέτρα δια την ομαλήν διεξαγωγήν και ότι ουδείς λόγος ανησυχίας υφίσταται. Εις την συνέχειαν εξητάσθησαν διάφορα θέματα τρεχούσης φύσεως και ελήφθησαν αποφάσεις επ' αυτών, αι οποίαι θα ανακοινωθούν προσεχώς.
Θέατρον ΔΙΑΝΑ
Β. ΑΥΛΩΝΙΤΗ - Σ. ΒΡΑΝΑ - Ν. ΣΤΑΥΡΙΔΗ - Κ. ΣΤΟΛΙΓΚΑ
ΓΙΑΝΝΗ ΜΑΛΟΥΧΟΥ ΑΝΤ. ΠΕΤΕΡ
ΠΟΠΗ ΛΑΒΑ και Δ. ΓΙΑΝ. ΣΥΛΒΑΣ
ΟΛΑ ΜΙΝΙ
ΘΕΣΣΑΛΟΝΙΚΗ - ΝΕΑ ΥΟΡΚΗ
ΜΕΣΩ ΛΟΥΞΕΜΒΟΥΡΓΟΥ
ἀπὸ Δρχ. 6.104
ΘΕΣΣΑΛΟΝΙΚΗ - ΛΟΥΞΕΜΒΟΥΡΓΟΣ (ΣΙΔΗΡΟΔΡΟΜΙΚΩΣ)
ΛΟΥΞΕΜΒΟΥΡΓΟΝ - ΝΕΑ ΥΟΡΚΗ (ΑΕΡΟΠΟΡΙΚΩΣ)
LOFTLEIDIR	ΚΑΘΗΜΕΡΙΝΑ ΔΡΟΜΟΛΟΓΙΑ
